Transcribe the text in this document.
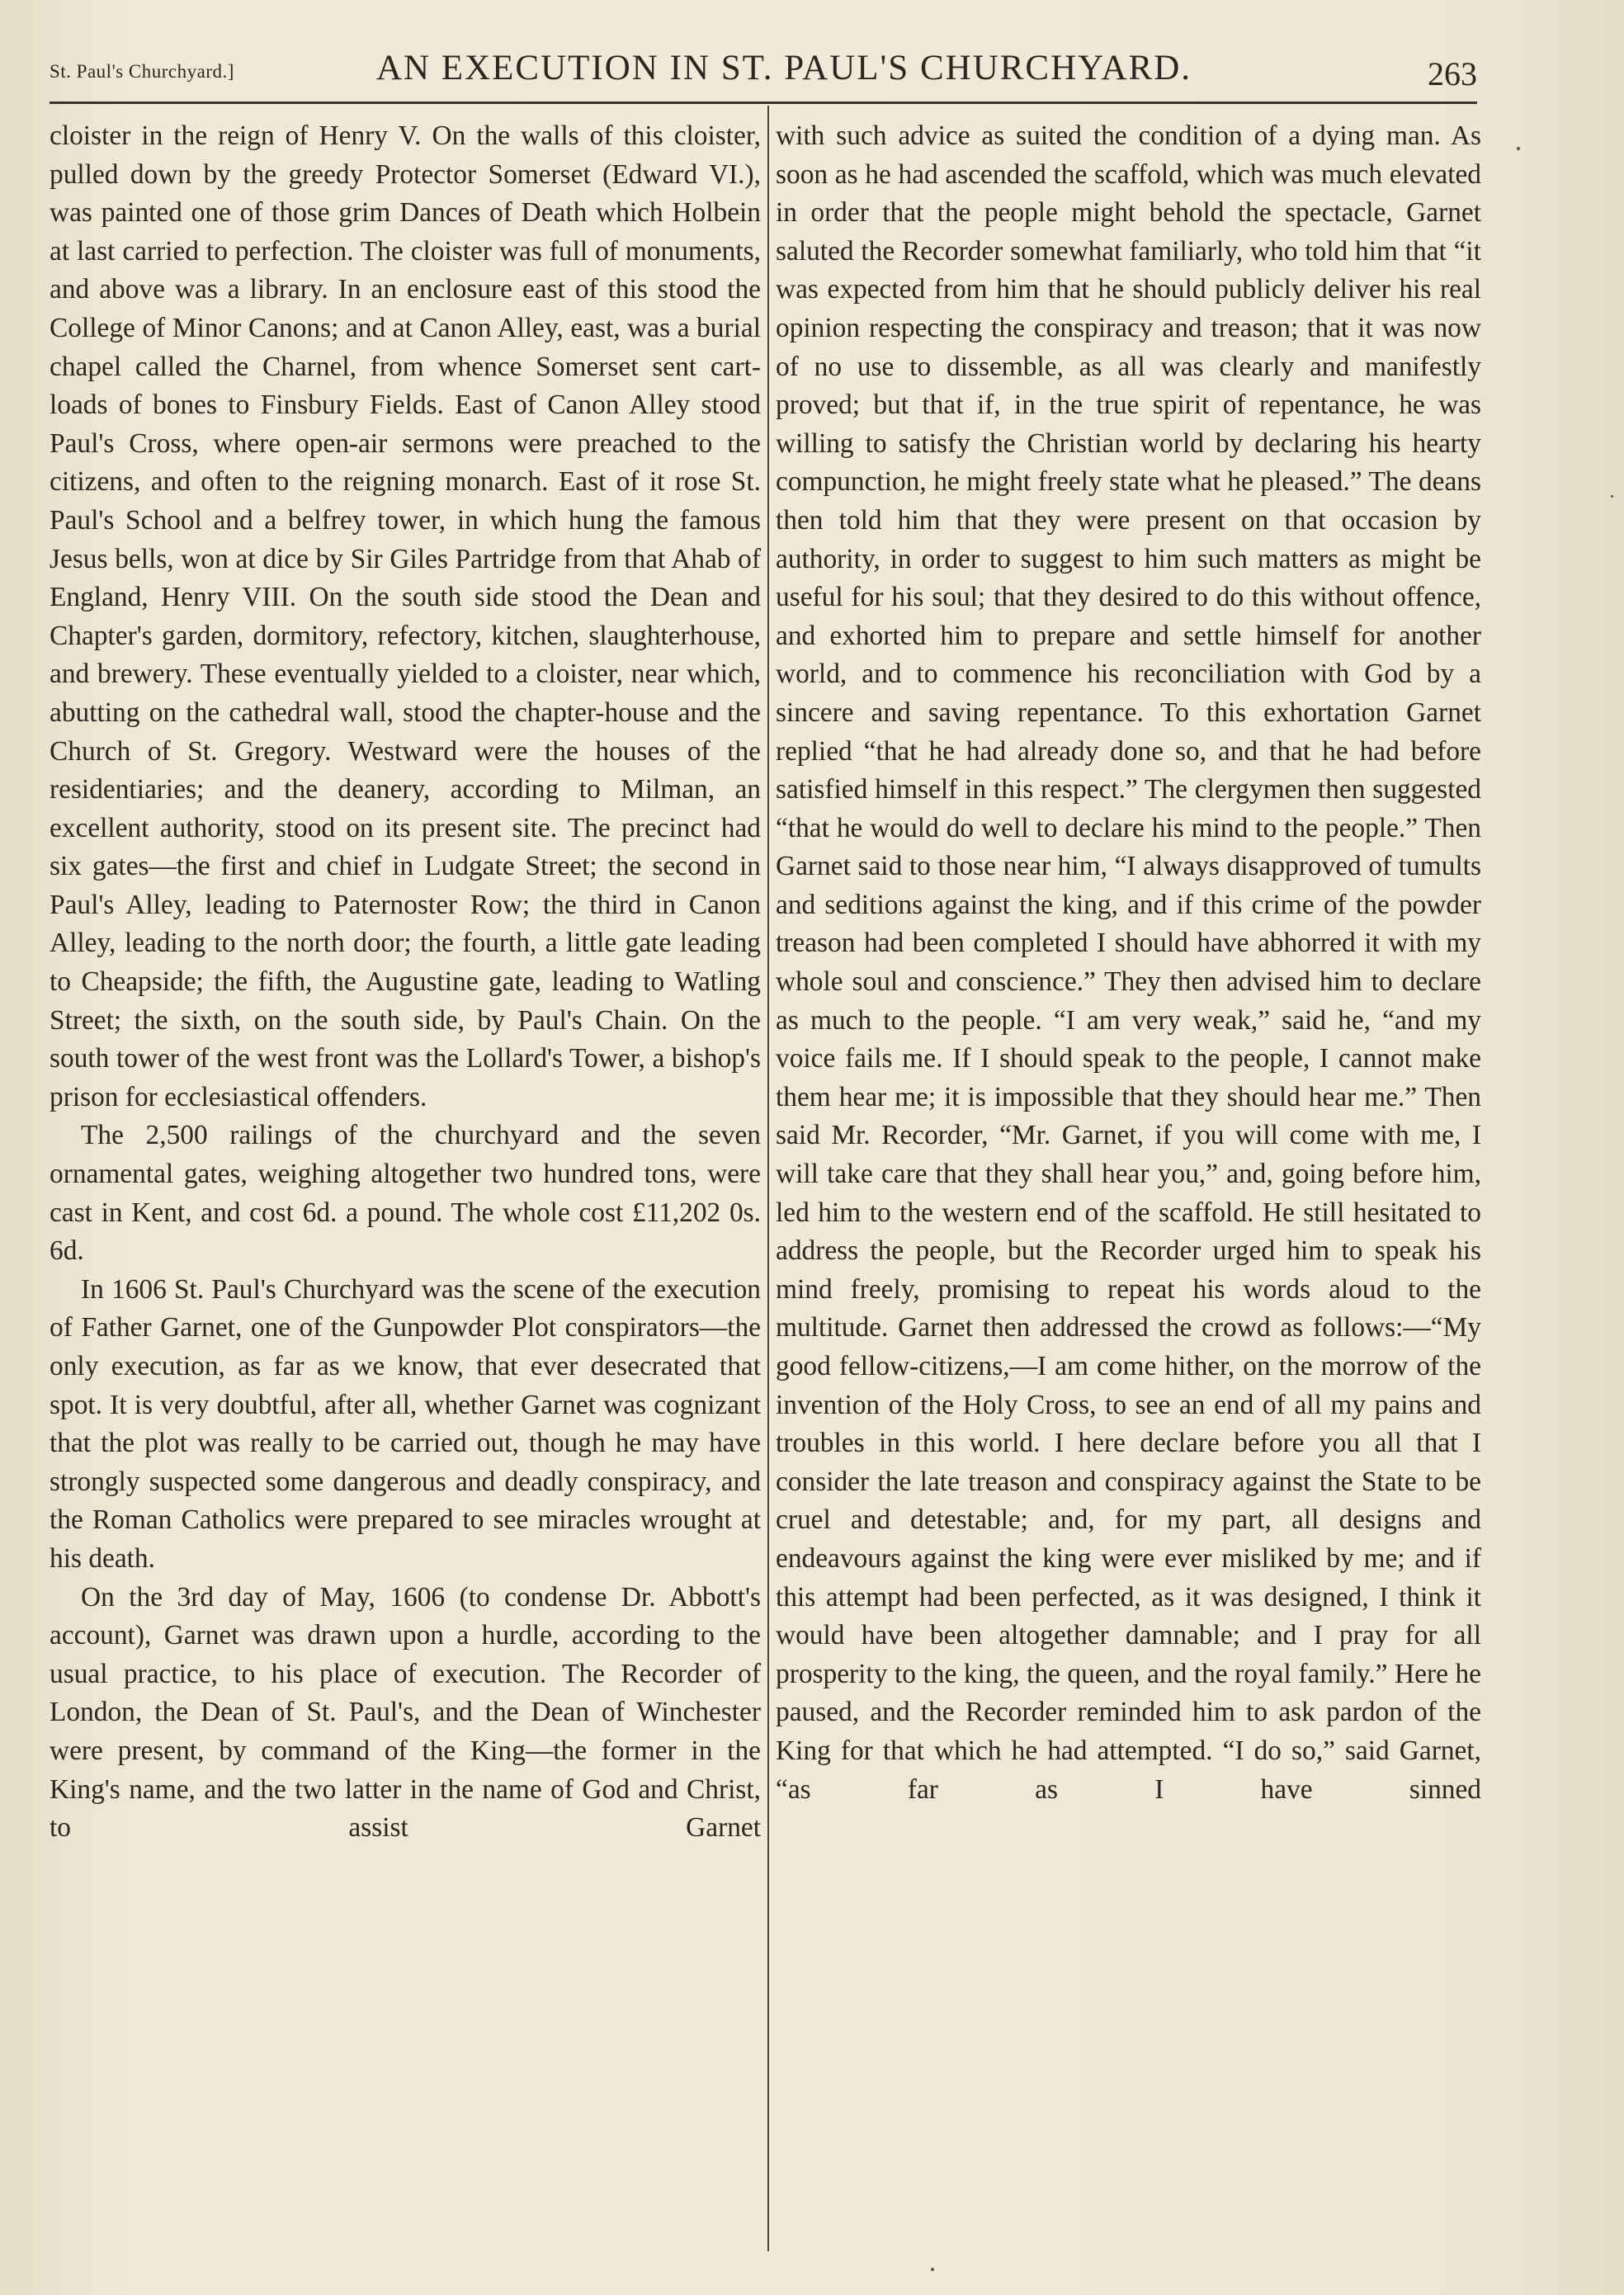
St. Paul's Churchyard.]	AN EXECUTION IN ST. PAUL'S CHURCHYARD.	263

cloister in the reign of Henry V. On the walls of this cloister, pulled down by the greedy Protector Somerset (Edward VI.), was painted one of those grim Dances of Death which Holbein at last carried to perfection. The cloister was full of monuments, and above was a library. In an enclosure east of this stood the College of Minor Canons; and at Canon Alley, east, was a burial chapel called the Charnel, from whence Somerset sent cart-loads of bones to Finsbury Fields. East of Canon Alley stood Paul's Cross, where open-air sermons were preached to the citizens, and often to the reigning monarch. East of it rose St. Paul's School and a belfrey tower, in which hung the famous Jesus bells, won at dice by Sir Giles Partridge from that Ahab of England, Henry VIII. On the south side stood the Dean and Chapter's garden, dormitory, refectory, kitchen, slaughterhouse, and brewery. These eventually yielded to a cloister, near which, abutting on the cathedral wall, stood the chapter-house and the Church of St. Gregory. Westward were the houses of the residentiaries; and the deanery, according to Milman, an excellent authority, stood on its present site. The precinct had six gates—the first and chief in Ludgate Street; the second in Paul's Alley, leading to Paternoster Row; the third in Canon Alley, leading to the north door; the fourth, a little gate leading to Cheapside; the fifth, the Augustine gate, leading to Watling Street; the sixth, on the south side, by Paul's Chain. On the south tower of the west front was the Lollard's Tower, a bishop's prison for ecclesiastical offenders.

The 2,500 railings of the churchyard and the seven ornamental gates, weighing altogether two hundred tons, were cast in Kent, and cost 6d. a pound. The whole cost £11,202 0s. 6d.

In 1606 St. Paul's Churchyard was the scene of the execution of Father Garnet, one of the Gunpowder Plot conspirators—the only execution, as far as we know, that ever desecrated that spot. It is very doubtful, after all, whether Garnet was cognizant that the plot was really to be carried out, though he may have strongly suspected some dangerous and deadly conspiracy, and the Roman Catholics were prepared to see miracles wrought at his death.

On the 3rd day of May, 1606 (to condense Dr. Abbott's account), Garnet was drawn upon a hurdle, according to the usual practice, to his place of execution. The Recorder of London, the Dean of St. Paul's, and the Dean of Winchester were present, by command of the King—the former in the King's name, and the two latter in the name of God and Christ, to assist Garnet

with such advice as suited the condition of a dying man. As soon as he had ascended the scaffold, which was much elevated in order that the people might behold the spectacle, Garnet saluted the Recorder somewhat familiarly, who told him that “it was expected from him that he should publicly deliver his real opinion respecting the conspiracy and treason; that it was now of no use to dissemble, as all was clearly and manifestly proved; but that if, in the true spirit of repentance, he was willing to satisfy the Christian world by declaring his hearty compunction, he might freely state what he pleased.” The deans then told him that they were present on that occasion by authority, in order to suggest to him such matters as might be useful for his soul; that they desired to do this without offence, and exhorted him to prepare and settle himself for another world, and to commence his reconciliation with God by a sincere and saving repentance. To this exhortation Garnet replied “that he had already done so, and that he had before satisfied himself in this respect.” The clergymen then suggested “that he would do well to declare his mind to the people.” Then Garnet said to those near him, “I always disapproved of tumults and seditions against the king, and if this crime of the powder treason had been completed I should have abhorred it with my whole soul and conscience.” They then advised him to declare as much to the people. “I am very weak,” said he, “and my voice fails me. If I should speak to the people, I cannot make them hear me; it is impossible that they should hear me.” Then said Mr. Recorder, “Mr. Garnet, if you will come with me, I will take care that they shall hear you,” and, going before him, led him to the western end of the scaffold. He still hesitated to address the people, but the Recorder urged him to speak his mind freely, promising to repeat his words aloud to the multitude. Garnet then addressed the crowd as follows:—“My good fellow-citizens,—I am come hither, on the morrow of the invention of the Holy Cross, to see an end of all my pains and troubles in this world. I here declare before you all that I consider the late treason and conspiracy against the State to be cruel and detestable; and, for my part, all designs and endeavours against the king were ever misliked by me; and if this attempt had been perfected, as it was designed, I think it would have been altogether damnable; and I pray for all prosperity to the king, the queen, and the royal family.” Here he paused, and the Recorder reminded him to ask pardon of the King for that which he had attempted. “I do so,” said Garnet, “as far as I have sinned
